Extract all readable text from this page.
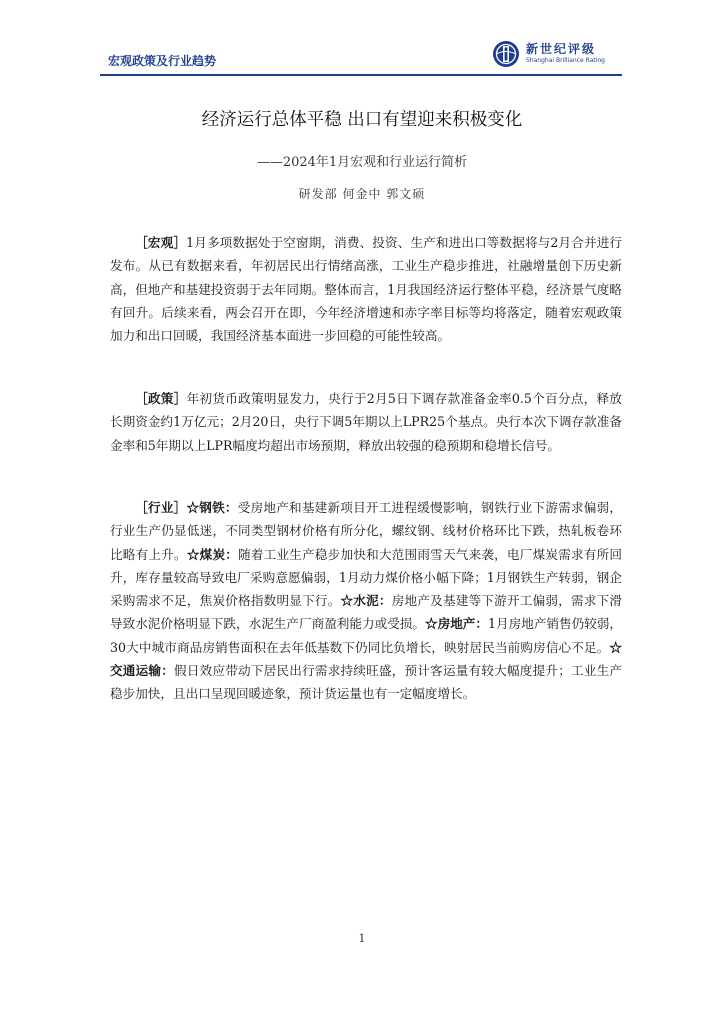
宏观政策及行业趋势
新世纪评级
Shanghai Brilliance Rating
经济运行总体平稳 出口有望迎来积极变化
——2024年1月宏观和行业运行简析
研发部 何金中 郭文硕

［宏观］1月多项数据处于空窗期，消费、投资、生产和进出口等数据将与2月合并进行发布。从已有数据来看，年初居民出行情绪高涨，工业生产稳步推进，社融增量创下历史新高，但地产和基建投资弱于去年同期。整体而言，1月我国经济运行整体平稳，经济景气度略有回升。后续来看，两会召开在即，今年经济增速和赤字率目标等均将落定，随着宏观政策加力和出口回暖，我国经济基本面进一步回稳的可能性较高。

［政策］年初货币政策明显发力，央行于2月5日下调存款准备金率0.5个百分点，释放长期资金约1万亿元；2月20日，央行下调5年期以上LPR25个基点。央行本次下调存款准备金率和5年期以上LPR幅度均超出市场预期，释放出较强的稳预期和稳增长信号。

［行业］☆钢铁：受房地产和基建新项目开工进程缓慢影响，钢铁行业下游需求偏弱，行业生产仍显低迷，不同类型钢材价格有所分化，螺纹钢、线材价格环比下跌，热轧板卷环比略有上升。☆煤炭：随着工业生产稳步加快和大范围雨雪天气来袭，电厂煤炭需求有所回升，库存量较高导致电厂采购意愿偏弱，1月动力煤价格小幅下降；1月钢铁生产转弱，钢企采购需求不足，焦炭价格指数明显下行。☆水泥：房地产及基建等下游开工偏弱，需求下滑导致水泥价格明显下跌，水泥生产厂商盈利能力或受损。☆房地产：1月房地产销售仍较弱，30大中城市商品房销售面积在去年低基数下仍同比负增长，映射居民当前购房信心不足。☆交通运输：假日效应带动下居民出行需求持续旺盛，预计客运量有较大幅度提升；工业生产稳步加快，且出口呈现回暖迹象，预计货运量也有一定幅度增长。

1
